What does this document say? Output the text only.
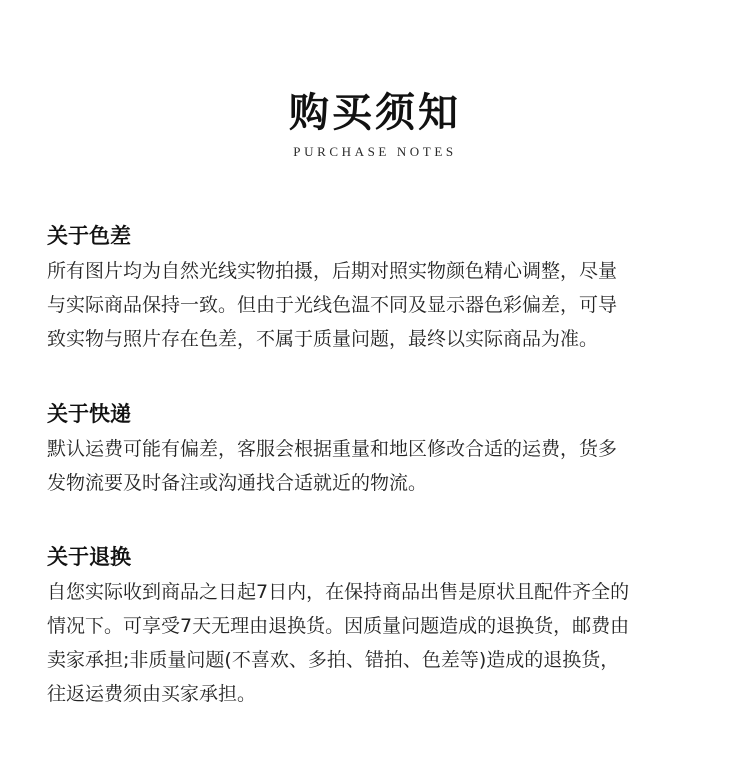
购买须知
PURCHASE NOTES
关于色差
所有图片均为自然光线实物拍摄，后期对照实物颜色精心调整，尽量
与实际商品保持一致。但由于光线色温不同及显示器色彩偏差，可导
致实物与照片存在色差，不属于质量问题，最终以实际商品为准。
关于快递
默认运费可能有偏差，客服会根据重量和地区修改合适的运费，货多
发物流要及时备注或沟通找合适就近的物流。
关于退换
自您实际收到商品之日起7日内，在保持商品出售是原状且配件齐全的
情况下。可享受7天无理由退换货。因质量问题造成的退换货，邮费由
卖家承担;非质量问题(不喜欢、多拍、错拍、色差等)造成的退换货，
往返运费须由买家承担。
